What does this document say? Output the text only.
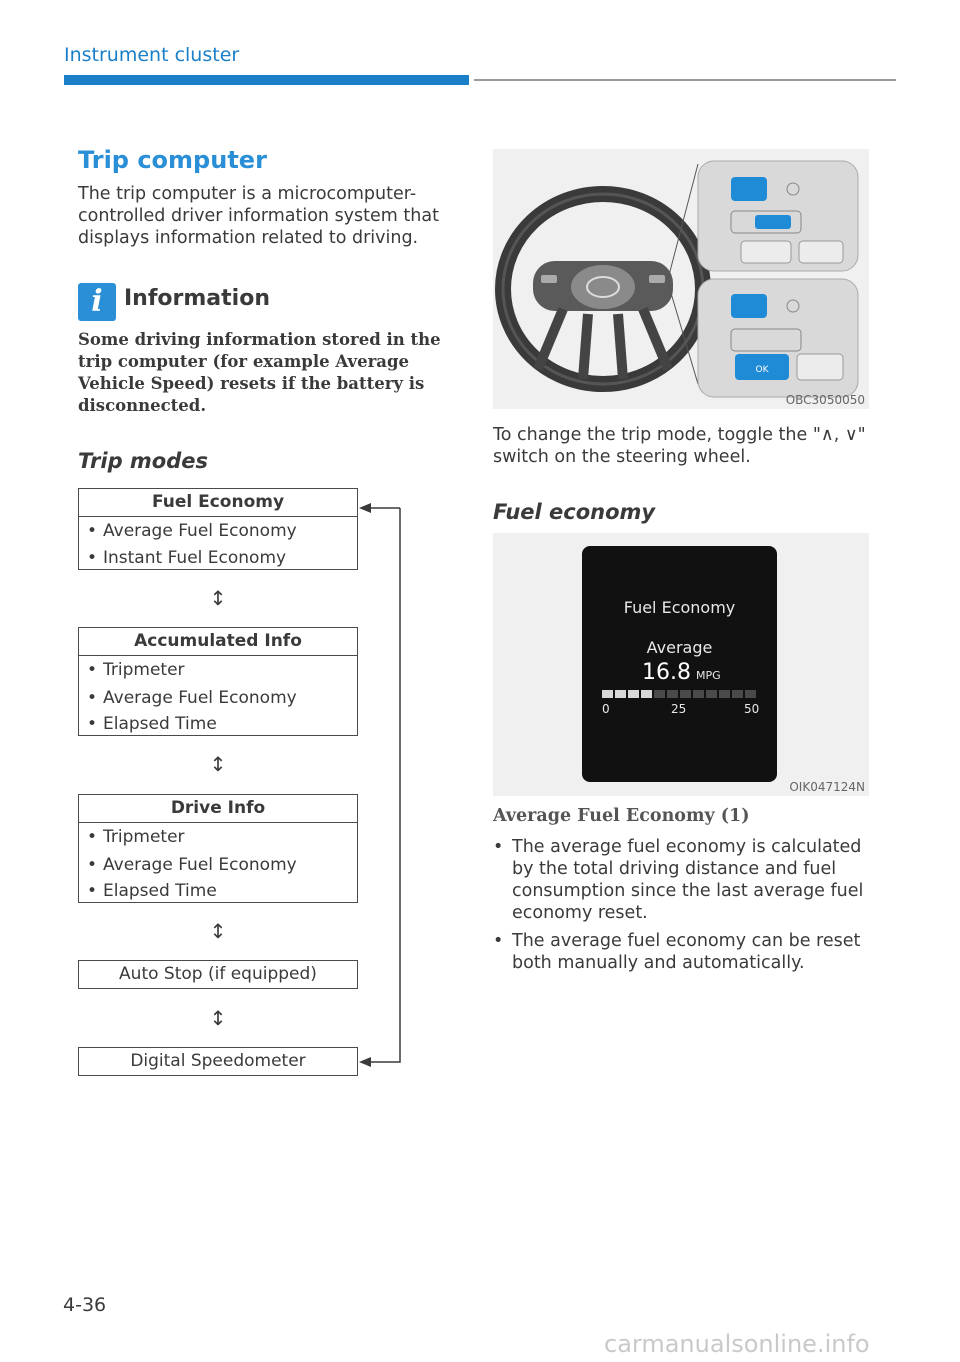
Instrument cluster
Trip computer
The trip computer is a microcomputer-controlled driver information system that displays information related to driving.
i Information
Some driving information stored in the trip computer (for example Average Vehicle Speed) resets if the battery is disconnected.
Trip modes
Fuel Economy
• Average Fuel Economy
• Instant Fuel Economy
↕
Accumulated Info
• Tripmeter
• Average Fuel Economy
• Elapsed Time
↕
Drive Info
• Tripmeter
• Average Fuel Economy
• Elapsed Time
↕
Auto Stop (if equipped)
↕
Digital Speedometer
OK
OBC3050050
To change the trip mode, toggle the "∧, ∨" switch on the steering wheel.
Fuel economy
Fuel Economy
Average
16.8 MPG
0	25	50
OIK047124N
Average Fuel Economy (1)
• The average fuel economy is calculated by the total driving distance and fuel consumption since the last average fuel economy reset.
• The average fuel economy can be reset both manually and automatically.
4-36
carmanualsonline.info
